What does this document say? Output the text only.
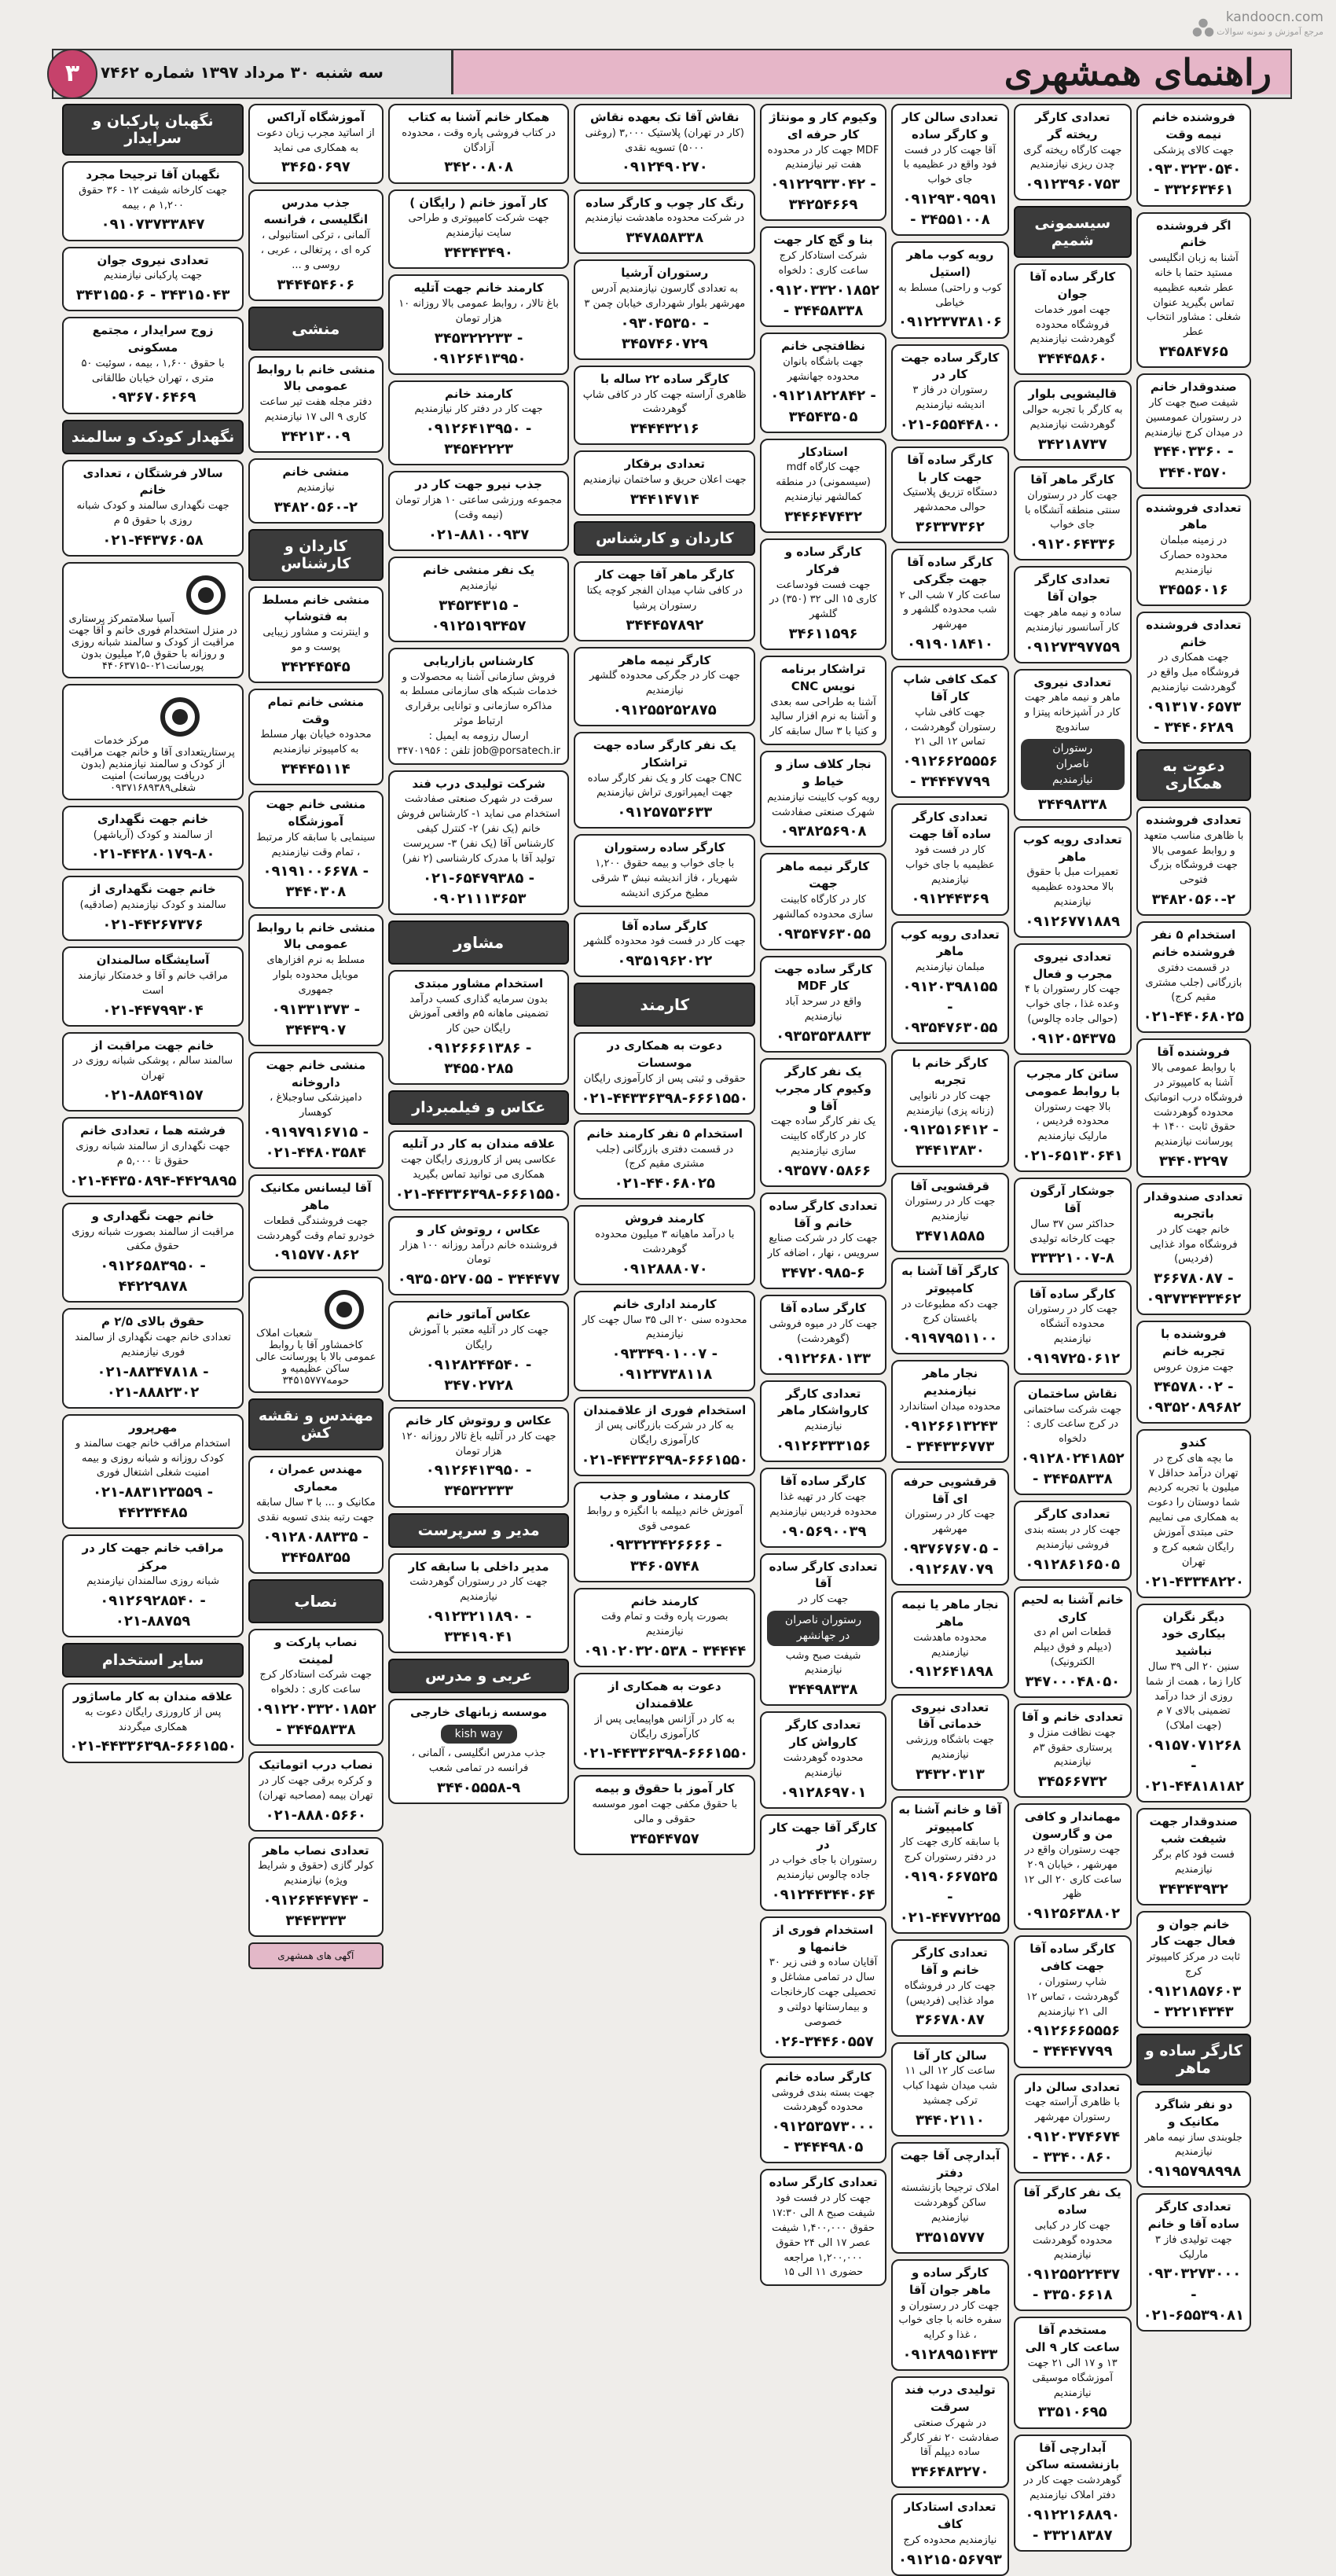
kandoocn.com
مرجع آموزش و نمونه سوالات
سه شنبه ۳۰ مرداد ۱۳۹۷ شماره ۷۴۶۲	راهنمای همشهری
۳
فروشنده خانم نیمه وقت
جهت کالای پزشکی
۰۹۳۰۳۲۳۰۵۴۰ - ۳۳۲۶۳۴۶۱
اگر فروشنده خانم
آشنا به زبان انگلیسی مستید حتما با خانه عطر شعبه عظیمیه تماس بگیرید عنوان شغلی : مشاور انتخاب عطر
۳۴۵۸۴۷۶۵
صندوقدار خانم
شیفت صبح جهت کار در رستوران عمومسین در میدان کرج نیازمندیم
۳۴۴۰۳۳۶۰ - ۳۴۴۰۳۵۷۰
تعدادی فروشنده ماهر
در زمینه مبلمان محدوده حصارک نیازمندیم
۳۴۵۵۶۰۱۶
تعدادی فروشنده خانم
جهت همکاری در فروشگاه مبل واقع در گوهردشت نیازمندیم
۰۹۱۳۱۷۰۶۵۷۳ - ۳۴۴۰۶۲۸۹
دعوت به همکاری
تعدادی فروشنده
با ظاهری مناسب متعهد و روابط عمومی بالا جهت فروشگاه بزرگ فتوحی
۳۴۸۲۰۵۶۰-۲
استخدام ۵ نفر فروشنده خانم
در قسمت دفتری بازرگانی (جلب مشتری مقیم کرج)
۰۲۱-۴۴۰۶۸۰۲۵
فروشنده آقا
با روابط عمومی بالا آشنا به کامپیوتر در فروشگاه درب اتوماتیک محدوده گوهردشت حقوق ثابت ۱۴۰۰ + پورسانت نیازمندیم
۳۴۴۰۳۲۹۷
تعدادی صندوقدار باتجربه
خانم جهت کار در فروشگاه مواد غذایی (فردیس)
۳۶۶۷۸۰۸۷ - ۰۹۳۷۳۴۳۳۴۶۲
فروشنده با تجربه خانم
جهت مزون عروس
۳۴۵۷۸۰۰۲ - ۰۹۳۵۲۰۸۹۶۸۲
کندو
ما بچه های کرج در تهران درآمد حداقل ۷ میلیون با تجربه کردیم شما دوستان را دعوت به همکاری می نماییم حتی مبتدی آموزش رایگان شعبه کرج و تهران
۰۲۱-۴۳۳۴۸۲۲۰
دیگر نگران بیکاری خود نباشید
سنین ۲۰ الی ۳۹ سال کارا زما ، همت از شما روزی از خدا درآمد تضمینی بالای ۷ م (جهت املاک)
۰۹۱۵۷۰۷۱۲۶۸ - ۰۲۱-۴۴۸۱۸۱۸۲
صندوقدار جهت شیفت شب
فست فود کام برگر نیازمندیم
۳۴۳۴۳۹۳۲
خانم جوان و فعال جهت کار
ثابت در مرکز کامپیوتر کرج
۰۹۱۲۱۸۵۷۶۰۳ - ۳۲۲۱۴۳۴۳
کارگر ساده و ماهر
دو نفر شاگرد مکانیک و
جلوبندی ساز نیمه ماهر نیازمندیم
۰۹۱۹۵۷۹۸۹۹۸
تعدادی کارگر ساده آقا و خانم
جهت تولیدی فاز ۳ مارلیک
۰۹۳۰۳۲۷۳۰۰۰ - ۰۲۱-۶۵۵۳۹۰۸۱
تعدادی کارگر ریخته گر
جهت کارگاه ریخته گری چدن ریزی نیازمندیم
۰۹۱۲۳۹۶۰۷۵۳
سیسمونی شمیم
کارگر ساده آقا جوان
جهت امور خدمات فروشگاه محدوده گوهردشت نیازمندیم
۳۴۴۴۵۸۶۰
قالیشویی بلوار
به کارگر با تجربه حوالی گوهردشت نیازمندیم
۳۴۲۱۸۷۳۷
کارگر ماهر آقا
جهت کار در رستوران سنتی منطقه آتشگاه با جای خواب
۰۹۱۲۰۶۴۳۳۶
تعدادی کارگر جوان آقا
ساده و نیمه ماهر جهت کار آسانسور نیازمندیم
۰۹۱۲۷۳۹۷۷۵۹
تعدادی نیروی
ماهر و نیمه ماهر جهت کار در آشپزخانه پیتزا و ساندویچ
رستوران ناصران نیازمندیم
۳۴۴۹۸۳۳۸
تعدادی رویه کوب ماهر
تعمیرات مبل با حقوق بالا محدوده عظیمیه نیازمندیم
۰۹۱۲۶۷۷۱۸۸۹
تعدادی نیروی مجرب و فعال
جهت کار رستوران با ۴ وعده غذا ، جای خواب (حوالی جاده چالوس)
۰۹۱۲۰۵۴۳۷۵
ساتن کار مجرب با روابط عمومی
بالا جهت رستوران محدوده فردیس ، مارلیک نیازمندیم
۰۲۱-۶۵۱۳۰۶۴۱
جوشکار آرگون آقا
حداکثر سن ۳۷ سال جهت کارخانه تولیدی
۳۳۳۲۱۰۰۷-۸
کارگر ساده آقا
جهت کار در رستوران محدوده آتشگاه نیازمندیم
۰۹۱۹۷۲۵۰۶۱۲
نقاش ساختمان
جهت شرکت ساختمانی در کرج ساعت کاری : دلخواه
۰۹۱۲۸۰۲۴۱۸۵۲ - ۳۴۴۵۸۳۳۸
تعدادی کارگر
جهت کار در بسته بندی فروشی نیازمندیم
۰۹۱۲۸۶۱۶۵۰۵
خانم آشنا به لحیم کاری
قطعات اس ام دی (دیپلم و فوق دیپلم الکترونیک)
۳۴۷۰۰۰۴۸۰۵۰
تعدادی خانم و آقا
جهت نظافت منزل و پرستاری حقوق ۳م نیازمندیم
۳۴۵۶۶۷۳۲
مهماندار و کافی من و گارسون
جهت رستوران واقع در مهرشهر ، خیابان ۲۰۹ ساعت کاری ۲۰ الی ۱۲ ظهر
۰۹۱۲۵۶۳۸۸۰۲
کارگر ساده آقا جهت کافی
شاپ رستوران ، گوهردشت ، تماس ۱۲ الی ۲۱ نیازمندیم
۰۹۱۲۶۶۶۵۵۵۶ - ۳۴۴۴۷۷۹۹
تعدادی سالن دار
با ظاهری آراسته جهت رستوران مهرشهر
۰۹۱۲۰۳۷۴۶۷۴ - ۳۳۴۰۰۸۶۰
یک نفر کارگر آقا ساده
جهت کار در کبابی محدوده گوهردشت نیازمندیم
۰۹۱۲۵۵۲۲۴۳۷ - ۳۳۵۰۶۶۱۸
مستخدم آقا ساعت کار ۹ الی
۱۳ و ۱۷ الی ۲۱ جهت آموزشگاه موسیقی نیازمندیم
۳۳۵۱۰۶۹۵
آبدارچی آقا بازنشسته ساکن
گوهردشت جهت کار در دفتر املاک نیازمندیم
۰۹۱۲۲۱۶۸۸۹۰ - ۳۳۲۱۸۳۸۷
تعدادی سالن کار و کارگر ساده
آقا جهت کار در فست فود واقع در عظیمیه با جای خواب
۰۹۱۲۹۳۰۹۵۹۱ - ۳۴۵۵۱۰۰۸
رویه کوب ماهر (استیل
کوب و راحتی) مسلط به خیاطی
۰۹۱۲۲۳۷۳۸۱۰۶
کارگر ساده جهت کار در
رستوران در فاز ۳ اندیشه نیازمندیم
۰۲۱-۶۵۵۴۴۸۰۰
کارگر ساده آقا جهت کار با
دستگاه تزریق پلاستیک حوالی محمدشهر
۳۶۳۳۷۳۶۲
کارگر ساده آقا جهت جگرکی
ساعت کار ۷ شب الی ۲ شب محدوده گلشهر و مهرشهر
۰۹۱۹۰۱۸۴۱۰
کمک کافی شاپ کار آقا
جهت کافی شاپ رستوران گوهردشت ، تماس ۱۲ الی ۲۱
۰۹۱۲۶۶۲۵۵۵۶ - ۳۴۴۴۷۷۹۹
تعدادی کارگر ساده آقا جهت
کار در فست فود عظیمیه با جای خواب نیازمندیم
۰۹۱۲۴۴۳۶۹
تعدادی رویه کوب ماهر
مبلمان نیازمندیم
۰۹۱۲۰۳۹۸۱۵۵ - ۰۹۳۵۴۷۶۳۰۵۵
کارگر خانم با تجربه
جهت کار در نانوایی (زنانه پزی) نیازمندیم
۰۹۱۲۵۱۶۴۱۲ - ۳۴۴۱۳۸۳۰
قرقشویی آقا
جهت کار در رستوران نیازمندیم
۳۴۷۱۸۵۸۵
کارگر آقا آشنا به کامپیوتر
جهت دکه مطبوعات در باغستان کرج
۰۹۱۹۷۹۵۱۱۰۰
نجار ماهر نیازمندیم
محدوده میدان استاندارد
۰۹۱۲۶۶۱۳۲۴۳ - ۳۴۴۳۳۶۷۷۳
قرقشویی حرفه ای آقا
جهت کار در رستوران مهرشهر
۰۹۳۷۶۷۶۷۰۵ - ۰۹۱۲۶۸۷۰۷۹
نجار ماهر یا نیمه ماهر
محدوده ماهدشت نیازمندیم
۰۹۱۲۶۴۱۸۹۸
تعدادی نیروی خدماتی آقا
جهت باشگاه ورزشی نیازمندیم
۳۴۳۲۰۳۱۳
آقا و خانم آشنا به کامپیوتر
با سابقه کاری جهت کار در دفتر رستوران کرج
۰۹۱۹۰۶۶۷۵۲۵ - ۰۲۱-۴۴۷۷۲۲۵۵
تعدادی کارگر خانم و آقا
جهت کار در فروشگاه مواد غذایی (فردیس)
۳۶۶۷۸۰۸۷
سالن کار آقا
ساعت کار ۱۲ الی ۱۱ شب میدان شهدا کباب ترکی چمشید
۳۴۴۰۲۱۱۰
آبدارچی آقا جهت دفتر
املاک ترجیحا بازنشسته ساکن گوهردشت نیازمندیم
۳۳۵۱۵۷۷۷
کارگر ساده و ماهر جوان آقا
جهت کار در رستوران و سفره خانه با جای خواب ، غذا و کرایه
۰۹۱۲۸۹۵۱۴۳۳
تولیدی درب فند سرقت
در شهرک صنعتی صفادشت ۲۰ نفر کارگر ساده دیپلم آقا
۳۴۶۴۸۳۲۷۰
تعدادی استادکار کاف
نیازمندیم محدوده کرج
۰۹۱۲۱۵۰۵۶۷۹۳
وکیوم کار و مونتاژ کار حرفه ای
MDF جهت کار در محدوده هفت تیر نیازمندیم
۰۹۱۲۲۹۳۳۰۴۲ - ۳۴۲۵۴۶۶۹
بنا و گچ کار جهت
شرکت استادکار کرج ساعت کاری : دلخواه
۰۹۱۲۰۳۳۲۰۱۸۵۲ - ۳۴۴۵۸۳۳۸
نظافتچی خانم
جهت باشگاه بانوان محدوده جهانشهر
۰۹۱۲۱۸۲۲۸۴۲ - ۳۴۵۴۳۵۰۵
استادکار
جهت کارگاه mdf (سیسمونی) در منطقه کمالشهر نیازمندیم
۳۴۴۶۴۷۴۳۲
کارگر ساده و فرکار
جهت فست فودساعت کاری ۱۵ الی ۳۲ (۳۵۰) در گلشهر
۳۴۶۱۱۵۹۶
تراشکار برنامه نویس CNC
آشنا به طراحی سه بعدی و آشنا به نرم افزار سالید و کتیا با ۳ سال سابقه کار
نجار کلاف ساز و خیاط و
رویه کوب کابینت نیازمندیم شهرک صنعتی صفادشت
۰۹۳۸۲۵۶۹۰۸
کارگر نیمه ماهر جهت
کار در کارگاه کابینت سازی محدوده کمالشهر
۰۹۳۵۴۷۶۳۰۵۵
کارگر ساده جهت کار MDF
واقع در سرحد آباد نیازمندیم
۰۹۳۵۳۵۳۸۸۳۳
یک نفر کارگر وکیوم کار مجرب آقا و
یک نفر کارگر ساده جهت کار در کارگاه کابینت سازی نیازمندیم
۰۹۳۵۷۷۰۵۸۶۶
تعدادی کارگر ساده خانم و آقا
جهت کار در شرکت صنایع سرویس ، نهار ، اضافه کار
۳۴۷۲۰۹۸۵-۶
کارگر ساده آقا
جهت کار در میوه فروشی (گوهردشت)
۰۹۱۲۲۶۸۰۱۳۳
تعدادی کارگر کارواشکار ماهر
نیازمندیم
۰۹۱۲۶۳۳۳۱۵۶
کارگر ساده آقا
جهت کار در تهیه غذا محدوده فردیس نیازمندیم
۰۹۰۵۶۹۰۰۳۹
تعدادی کارگر ساده آقا
جهت کار در
رستوران ناصران در جهانشهر
شیفت صبح وشب نیازمندیم
۳۴۴۹۸۳۳۸
تعدادی کارگر کارواش کار
محدوده گوهردشت نیازمندیم
۰۹۱۲۸۶۹۷۰۱
کارگر آقا جهت کار در
رستوران با جای خواب در جاده چالوس نیازمندیم
۰۹۱۲۴۴۳۴۴۰۶۴
استخدام فوری از خانمها و
آقایان ساده و فنی زیر ۳۰ سال در تمامی مشاغل و تحصیلی جهت کارخانجات و بیمارستانها دولتی و خصوصی
۰۲۶-۳۴۴۶۰۵۵۷
کارگر ساده خانم
جهت بسته بندی فروشی محدوده گوهردشت
۰۹۱۲۵۳۵۷۳۰۰۰ - ۳۴۴۴۹۸۰۵
تعدادی کارگر ساده
جهت کار در فست فود شیفت صبح ۸ الی ۱۷:۳۰ حقوق ۱,۴۰۰,۰۰۰ شیفت عصر ۱۷ الی ۲۴ حقوق ۱,۲۰۰,۰۰۰ مراجعه حضوری ۱۱ الی ۱۵
نقاش آقا تک بعهده نقاش
(کار در تهران) پلاستیک ۳,۰۰۰ (روغنی ۵۰۰۰) تسویه نقدی
۰۹۱۲۴۹۰۲۷۰
رنگ کار چوب و کارگر ساده
در شرکت محدوده ماهدشت نیازمندیم
۳۴۷۸۵۸۳۳۸
رستوران آرشیا
به تعدادی گارسون نیازمندیم آدرس مهرشهر بلوار شهرداری خیابان چمن ۳
۰۹۳۰۴۵۳۵۰ - ۳۴۵۷۴۶۰۷۲۹
کارگر ساده ۲۲ ساله با
ظاهری آراسته جهت کار در کافی شاپ گوهردشت
۳۴۴۴۳۲۱۶
تعدادی برقکار
جهت اعلان حریق و ساختمان نیازمندیم
۳۴۴۱۴۷۱۴
کاردان و کارشناس
کارگر ماهر آقا جهت کار
در کافی شاپ میدان الفجر کوچه یکتا رستوران پرشیا
۳۴۴۴۵۷۸۹۲
کارگر نیمه ماهر
جهت کار در جگرکی محدوده گلشهر نیازمندیم
۰۹۱۲۵۵۲۵۲۸۷۵
یک نفر کارگر ساده جهت تراشکار
CNC جهت کار و یک نفر کارگر ساده جهت ایمپراتوری تراش نیازمندیم
۰۹۱۲۵۷۵۳۶۳۳
کارگر ساده رستوران
با جای خواب و بیمه حقوق ۱,۲۰۰ شهریار ، فاز اندیشه نبش ۳ شرقی مطبخ مرکزی اندیشه
کارگر ساده آقا
جهت کار در فست فود محدوده گلشهر
۰۹۳۵۱۹۶۲۰۲۲
کارمند
دعوت به همکاری در موسسات
حقوقی و ثبتی پس از کارآموزی رایگان
۰۲۱-۴۴۳۳۶۳۹۸-۶۶۶۱۵۵۰
استخدام ۵ نفر کارمند خانم
در قسمت دفتری بازرگانی (جلب مشتری مقیم کرج)
۰۲۱-۴۴۰۶۸۰۲۵
کارمند فروش
با درآمد ماهیانه ۳ میلیون محدوده گوهردشت
۰۹۱۲۸۸۸۰۷۰
کارمند اداری خانم
محدوده سنی ۲۰ الی ۳۵ سال جهت کار نیازمندیم
۰۹۳۳۴۹۰۱۰۰۷ - ۰۹۱۲۳۷۳۸۱۱۸
استخدام فوری از علاقمندان
به کار در شرکت بازرگانی پس از کارآموزی رایگان
۰۲۱-۴۴۳۳۶۳۹۸-۶۶۶۱۵۵۰
کارمند ، مشاور و جذب
آموزش خانم دیپلمه با انگیزه و روابط عمومی قوی
۰۹۳۳۲۳۴۲۶۶۶۶ - ۳۴۶۰۵۷۴۸
کارمند خانم
بصورت پاره وقت و تمام وقت نیازمندیم
۰۹۱۰۲۰۳۲۰۵۳۸ - ۳۴۴۴۴
دعوت به همکاری از علاقمندان
به کار در آژانس هواپیمایی پس از کارآموزی رایگان
۰۲۱-۴۴۳۳۶۳۹۸-۶۶۶۱۵۵۰
کار آموز با حقوق و بیمه
با حقوق مکفی جهت امور موسسه حقوقی و مالی
۳۴۵۴۴۷۵۷
همکار خانم آشنا به کتاب
در کتاب فروشی پاره وقت ، محدوده آزادگان
۳۴۲۰۰۸۰۸
کار آموز خانم ( رایگان )
جهت شرکت کامپیوتری و طراحی سایت نیازمندیم
۳۴۳۴۳۴۹۰
کارمند خانم جهت آتلیه
باغ تالار ، روابط عمومی بالا روزانه ۱۰ هزار تومان
۳۴۵۳۲۲۲۳۳ - ۰۹۱۲۶۴۱۳۹۵۰
کارمند خانم
جهت کار در دفتر کار نیازمندیم
۰۹۱۲۶۴۱۳۹۵۰ - ۳۴۵۴۲۲۲۳
جذب نیرو جهت کار در
مجموعه ورزشی ساعتی ۱۰ هزار تومان (نیمه وقت)
۰۲۱-۸۸۱۰۰۹۳۷
یک نفر منشی خانم
نیازمندیم
۳۴۵۳۴۳۱۵ - ۰۹۱۲۵۱۹۳۴۵۷
کارشناس بازاریابی
فروش سازمانی آشنا به محصولات و خدمات شبکه های سازمانی مسلط به مذاکره سازمانی و توانایی برقراری ارتباط موثر
ارسال رزومه به ایمیل : job@porsatech.ir تلفن : ۳۴۷۰۱۹۵۶
شرکت تولیدی درب فند
سرقت در شهرک صنعتی صفادشت استخدام می نماید ۱- کارشناس فروش خانم (یک نفر) ۲- کنترل کیفی کارشناس آقا (یک نفر) ۳- سرپرست تولید آقا با مدرک کارشناسی (۲ نفر)
۰۲۱-۶۵۴۷۹۳۸۵ - ۰۹۰۲۱۱۱۳۶۵۳
مشاور
استخدام مشاور مبتدی
بدون سرمایه گذاری کسب درآمد تضمینی ماهانه ۵م واقعی آموزش رایگان حین کار
۰۹۱۲۶۶۶۱۳۸۶ - ۳۴۵۵۰۲۸۵
عکاس و فیلمبردار
علاقه مندان به کار در آتلیه
عکاسی پس از کارورزی رایگان جهت همکاری می توانید تماس بگیرید
۰۲۱-۴۴۳۳۶۳۹۸-۶۶۶۱۵۵۰
عکاس ، روتوش کار و
فروشنده خانم درآمد روزانه ۱۰۰ هزار تومان
۰۹۳۵۰۵۲۷۰۵۵ - ۳۴۴۴۷۷
عکاس آماتور خانم
جهت کار در آتلیه معتبر با آموزش رایگان
۰۹۱۲۸۲۴۴۵۴۰ - ۳۴۷۰۲۷۲۸
عکاس و روتوش کار خانم
جهت کار در آتلیه باغ تالار روزانه ۱۲۰ هزار تومان
۰۹۱۲۶۴۱۳۹۵۰ - ۳۴۵۳۲۳۳۳
مدیر و سرپرست
مدیر داخلی با سابقه کار
جهت کار در رستوران گوهردشت نیازمندیم
۰۹۱۲۳۲۱۱۸۹۰ - ۳۳۴۱۹۰۴۱
عربی و مدرس
موسسه زبانهای خارجی
kish way
جذب مدرس انگلیسی ، آلمانی ، فرانسه در تمامی شعب
۳۴۴۰۵۵۵۸-۹
آموزشگاه آراکس
از اساتید مجرب زبان دعوت به همکاری می نماید
۳۴۶۵۰۶۹۷
جذب مدرس انگلیسی ، فرانسه
آلمانی ، ترکی استانبولی ، کره ای ، پرتغالی ، عربی ، روسی و ...
۳۴۴۴۵۴۶۰۶
منشی
منشی خانم با روابط عمومی بالا
دفتر مجله هفت تیر ساعت کاری ۹ الی ۱۷ نیازمندیم
۳۴۲۱۳۰۰۹
منشی خانم
نیازمندیم
۳۴۸۲۰۵۶۰-۲
کاردان و کارشناس
منشی خانم مسلط به فتوشاپ
و اینترنت و مشاور زیبایی پوست و مو
۳۴۲۴۴۵۴۵
منشی خانم تمام وقت
محدوده خیابان بهار مسلط به کامپیوتر نیازمندیم
۳۴۴۴۵۱۱۴
منشی خانم جهت آموزشگاه
سینمایی با سابقه کار مرتبط ، تمام وقت نیازمندیم
۰۹۱۹۱۰۰۶۶۷۸ - ۳۴۴۰۳۰۸
منشی خانم با روابط عمومی بالا
مسلط به نرم افزارهای موبایل محدوده بلوار جمهوری
۰۹۱۳۳۱۳۷۳ - ۳۴۴۳۹۰۷
منشی خانم جهت داروخانه
دامپزشکی ساوجبلاغ ، کوهسار
۰۹۱۹۷۹۱۶۷۱۵ - ۰۲۱-۴۴۸۰۳۵۸۴
آقا لیسانس مکانیک ماهر
جهت فروشندگی قطعات خودرو تمام وقت گوهردشت
۰۹۱۵۷۷۰۸۶۲
شعبات املاک کاخمشاور آقا با روابط عمومی بالا با پورسانت عالی ساکن عظیمیه و حومه۳۴۵۱۵۷۷۷
مهندس و نقشه کش
مهندس عمران ، معماری
مکانیک و ... با ۳ سال سابقه جهت رتبه بندی تسویه نقدی
۰۹۱۲۸۰۸۸۳۳۵ - ۳۴۴۵۸۳۵۵
نصاب
نصاب پارکت و لمینت
جهت شرکت استادکار کرج ساعت کاری : دلخواه
۰۹۱۲۲۰۳۳۲۰۱۸۵۲ - ۳۴۴۵۸۳۳۸
نصاب درب اتوماتیک
و کرکره برقی جهت کار در تهران بیمه (مصاحبه تهران)
۰۲۱-۸۸۸۰۵۶۶۰
تعدادی نصاب ماهر
کولر گازی (حقوق و شرایط ویژه) نیازمندیم
۰۹۱۲۶۴۴۴۷۴۳ - ۳۴۴۳۳۳۳
آگهی های همشهری
نگهبان پارکبان و سرایدار
نگهبان آقا ترجیحا مجرد
جهت کارخانه شیفت ۱۲ - ۳۶ حقوق ۱,۲۰۰ م ، بیمه
۰۹۱۰۷۳۷۳۳۸۴۷
تعدادی نیروی جوان
جهت پارکبانی نیازمندیم
۳۴۳۱۵۵۰۶ - ۳۴۳۱۵۰۴۳
زوج سرایدار ، مجتمع مسکونی
با حقوق ۱,۶۰۰ ، بیمه ، سوئیت ۵۰ متری ، تهران خیابان طالقانی
۰۹۳۶۷۰۶۴۶۹
نگهدار کودک و سالمند
سالار فرشتگان ، تعدادی خانم
جهت نگهداری سالمند و کودک شبانه روزی با حقوق ۵ م
۰۲۱-۴۴۳۷۶۰۵۸
آسیا سلامتمرکز پرستاری در منزل استخدام فوری خانم و آقا جهت مراقبت از کودک و سالمند شبانه روزی و روزانه با حقوق ۲,۵ میلیون بدون پورسانت۰۲۱-۴۴۰۶۳۷۱۵
مرکز خدمات پرستاریتعدادی آقا و خانم جهت مراقبت از کودک و سالمند نیازمندیم (بدون دریافت پورسانت) امنیت شغلی۰۹۳۷۱۶۸۹۳۸۹
خانم جهت نگهداری
از سالمند و کودک (آریاشهر)
۰۲۱-۴۴۲۸۰۱۷۹-۸۰
خانم جهت نگهداری از
سالمند و کودک نیازمندیم (صادقیه)
۰۲۱-۴۴۲۶۷۳۷۶
آسایشگاه سالمندان
مراقب خانم و آقا و خدمتکار نیازمند است
۰۲۱-۴۴۷۹۹۳۰۴
خانم جهت مراقبت از
سالمند سالم ، پوشکی شبانه روزی در تهران
۰۲۱-۸۸۵۴۹۱۵۷
فرشته هما ، تعدادی خانم
جهت نگهداری از سالمند شبانه روزی حقوق تا ۵,۰۰۰ م
۰۲۱-۴۴۳۵۰۸۹۴-۴۴۲۹۸۹۵
خانم جهت نگهداری و
مراقبت از سالمند بصورت شبانه روزی حقوق مکفی
۰۹۱۲۶۵۸۳۹۵۰ - ۴۴۲۲۹۸۷۸
حقوق بالای ۲/۵ م
تعدادی خانم جهت نگهداری از سالمند فوری نیازمندیم
۰۲۱-۸۸۳۴۷۸۱۸ - ۰۲۱-۸۸۸۲۳۰۲
مهرپرور
استخدام مراقب خانم جهت سالمند و کودک روزانه و شبانه روزی و بیمه امنیت شغلی اشتغال فوری
۰۲۱-۸۸۳۱۲۳۵۵۹ - ۴۴۲۳۴۴۸۵
مراقب خانم جهت کار در مرکز
شبانه روزی سالمندان نیازمندیم
۰۹۱۲۶۹۲۸۵۴۰ - ۰۲۱-۸۸۷۵۹
سایر استخدام
علاقه مندان به کار ماساژور
پس از کارورزی رایگان دعوت به همکاری میگردند
۰۲۱-۴۴۳۳۶۳۹۸-۶۶۶۱۵۵۰
